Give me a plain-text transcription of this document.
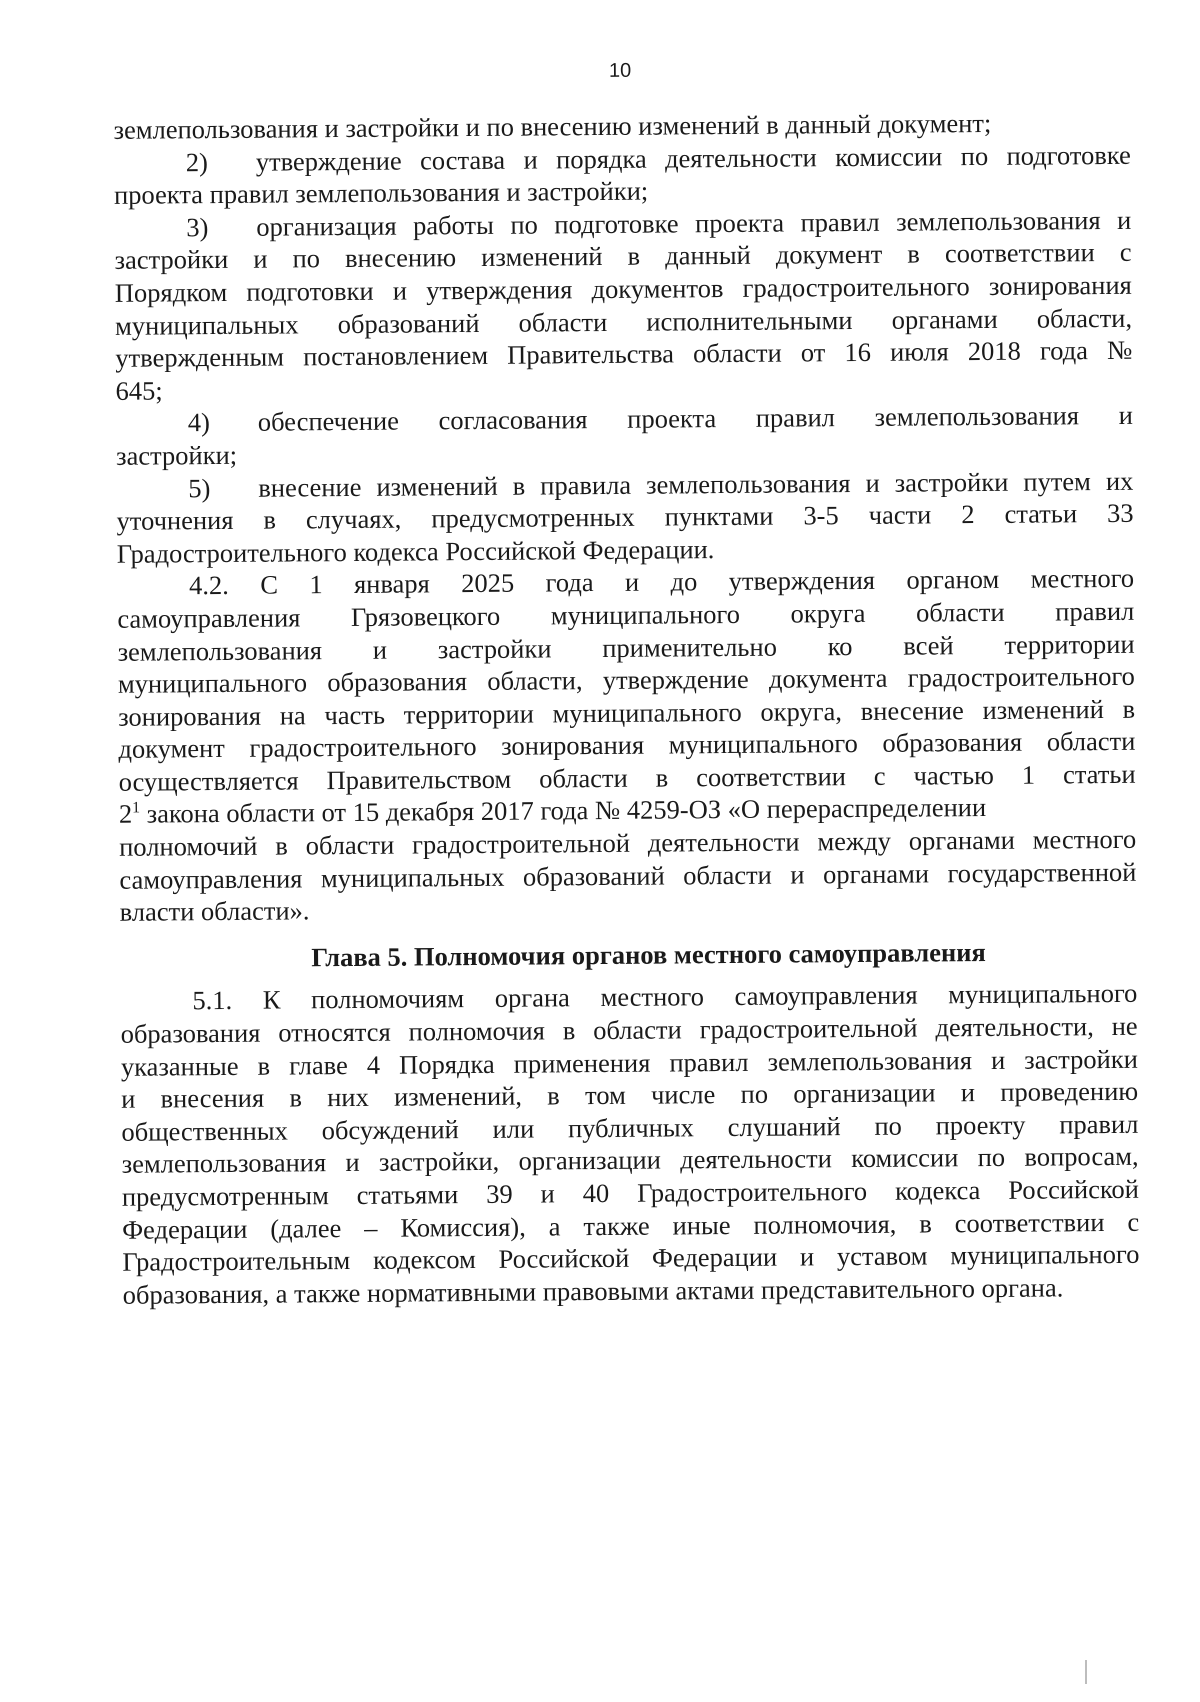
10
землепользования и застройки и по внесению изменений в данный документ;
2) утверждение состава и порядка деятельности комиссии по подготовке
проекта правил землепользования и застройки;
3) организация работы по подготовке проекта правил землепользования и
застройки и по внесению изменений в данный документ в соответствии с
Порядком подготовки и утверждения документов градостроительного зонирования
муниципальных образований области исполнительными органами области,
утвержденным постановлением Правительства области от 16 июля 2018 года №
645;
4) обеспечение согласования проекта правил землепользования и
застройки;
5) внесение изменений в правила землепользования и застройки путем их
уточнения в случаях, предусмотренных пунктами 3-5 части 2 статьи 33
Градостроительного кодекса Российской Федерации.
4.2. С 1 января 2025 года и до утверждения органом местного
самоуправления Грязовецкого муниципального округа области правил
землепользования и застройки применительно ко всей территории
муниципального образования области, утверждение документа градостроительного
зонирования на часть территории муниципального округа, внесение изменений в
документ градостроительного зонирования муниципального образования области
осуществляется Правительством области в соответствии с частью 1 статьи
$2^1$ закона области от 15 декабря 2017 года № 4259-ОЗ «О перераспределении
полномочий в области градостроительной деятельности между органами местного
самоуправления муниципальных образований области и органами государственной
власти области».
Глава 5. Полномочия органов местного самоуправления
5.1. К полномочиям органа местного самоуправления муниципального
образования относятся полномочия в области градостроительной деятельности, не
указанные в главе 4 Порядка применения правил землепользования и застройки
и внесения в них изменений, в том числе по организации и проведению
общественных обсуждений или публичных слушаний по проекту правил
землепользования и застройки, организации деятельности комиссии по вопросам,
предусмотренным статьями 39 и 40 Градостроительного кодекса Российской
Федерации (далее – Комиссия), а также иные полномочия, в соответствии с
Градостроительным кодексом Российской Федерации и уставом муниципального
образования, а также нормативными правовыми актами представительного органа.
